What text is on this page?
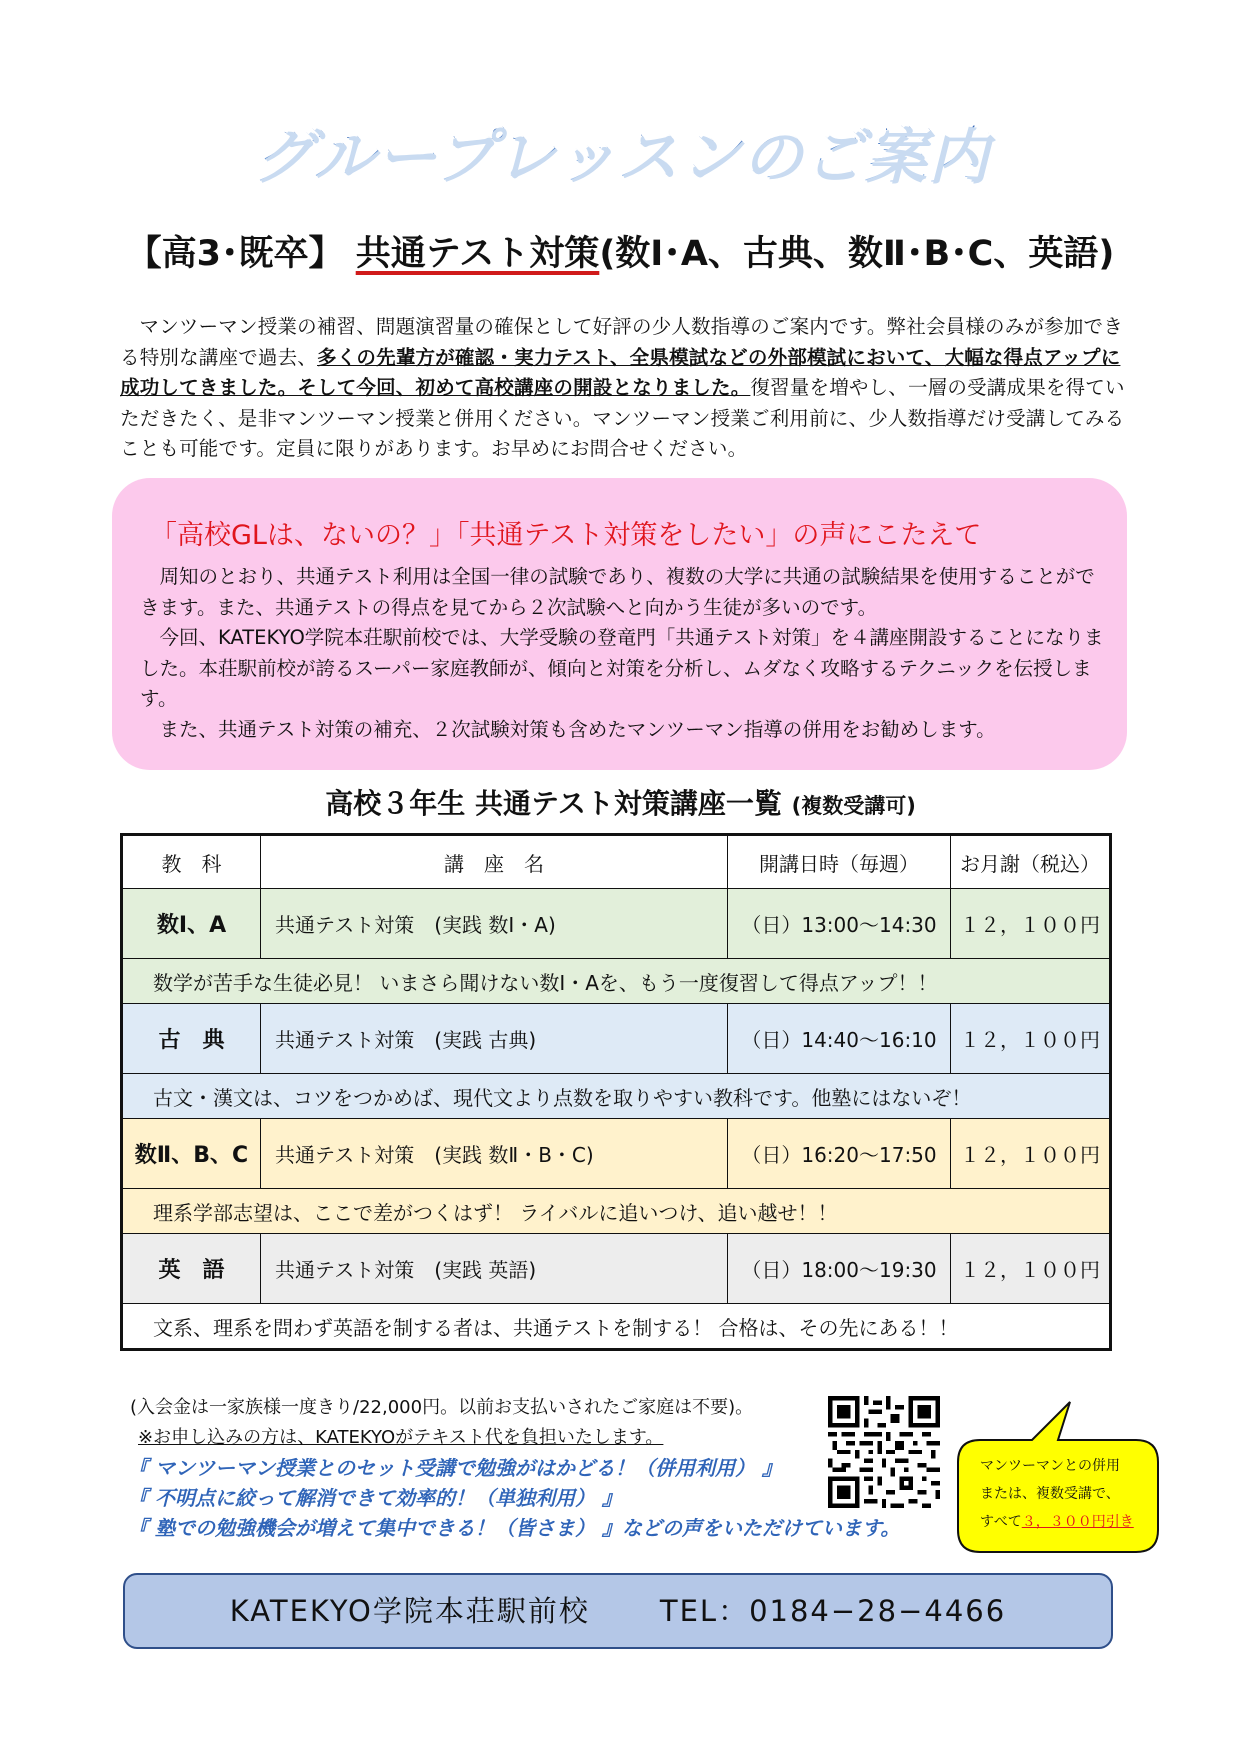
グループレッスンのご案内
【高3･既卒】 共通テスト対策(数Ⅰ･A、古典、数Ⅱ･B･C、英語)

マンツーマン授業の補習、問題演習量の確保として好評の少人数指導のご案内です。弊社会員様のみが参加できる特別な講座で過去、多くの先輩方が確認・実力テスト、全県模試などの外部模試において、大幅な得点アップに成功してきました。そして今回、初めて高校講座の開設となりました。復習量を増やし、一層の受講成果を得ていただきたく、是非マンツーマン授業と併用ください。マンツーマン授業ご利用前に、少人数指導だけ受講してみることも可能です。定員に限りがあります。お早めにお問合せください。

「高校GLは、ないの？」「共通テスト対策をしたい」の声にこたえて

周知のとおり、共通テスト利用は全国一律の試験であり、複数の大学に共通の試験結果を使用することができます。また、共通テストの得点を見てから２次試験へと向かう生徒が多いのです。

今回、KATEKYO学院本荘駅前校では、大学受験の登竜門「共通テスト対策」を４講座開設することになりました。本荘駅前校が誇るスーパー家庭教師が、傾向と対策を分析し、ムダなく攻略するテクニックを伝授します。

また、共通テスト対策の補充、２次試験対策も含めたマンツーマン指導の併用をお勧めします。

高校３年生 共通テスト対策講座一覧 (複数受講可)
教　科	講　座　名	開講日時（毎週）	お月謝（税込）
数Ⅰ、A	共通テスト対策　(実践 数Ⅰ・A)	（日）13:00～14:30	１２，１００円
数学が苦手な生徒必見！ いまさら聞けない数Ⅰ・Aを、もう一度復習して得点アップ！！			
古　典	共通テスト対策　(実践 古典)	（日）14:40～16:10	１２，１００円
古文・漢文は、コツをつかめば、現代文より点数を取りやすい教科です。他塾にはないぞ！			
数Ⅱ、B、C	共通テスト対策　(実践 数Ⅱ・B・C)	（日）16:20～17:50	１２，１００円
理系学部志望は、ここで差がつくはず！ ライバルに追いつけ、追い越せ！！			
英　語	共通テスト対策　(実践 英語)	（日）18:00～19:30	１２，１００円
文系、理系を問わず英語を制する者は、共通テストを制する！ 合格は、その先にある！！			
(入会金は一家族様一度きり/22,000円。以前お支払いされたご家庭は不要)。
※お申し込みの方は、KATEKYOがテキスト代を負担いたします。
『 マンツーマン授業とのセット受講で勉強がはかどる！（併用利用） 』
『 不明点に絞って解消できて効率的！（単独利用） 』
『 塾での勉強機会が増えて集中できる！（皆さま） 』などの声をいただけています。
マンツーマンとの併用
または、複数受講で、
すべて３，３００円引き
KATEKYO学院本荘駅前校 TEL：0184−28−4466
